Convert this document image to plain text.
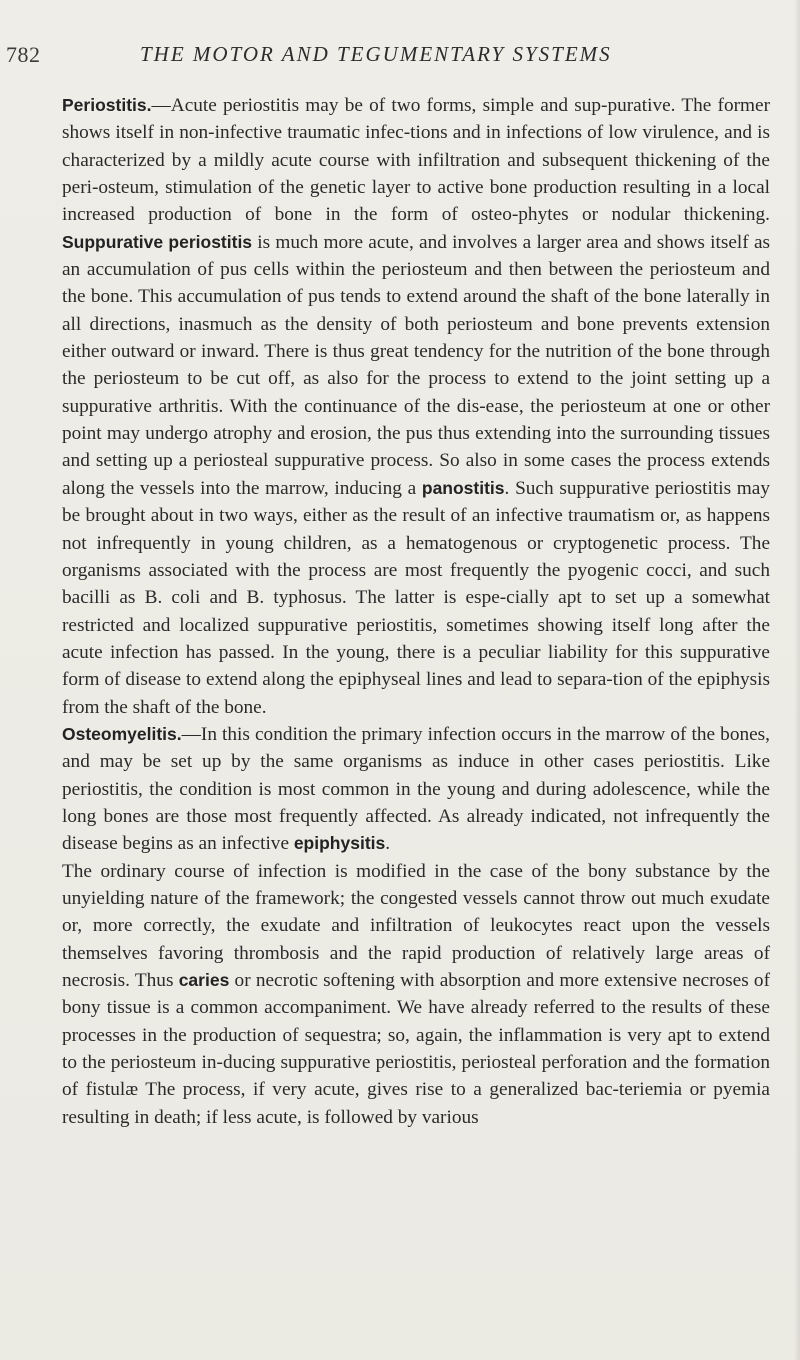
782	THE MOTOR AND TEGUMENTARY SYSTEMS

Periostitis.—Acute periostitis may be of two forms, simple and sup-purative. The former shows itself in non-infective traumatic infec-tions and in infections of low virulence, and is characterized by a mildly acute course with infiltration and subsequent thickening of the peri-osteum, stimulation of the genetic layer to active bone production resulting in a local increased production of bone in the form of osteo-phytes or nodular thickening. Suppurative periostitis is much more acute, and involves a larger area and shows itself as an accumulation of pus cells within the periosteum and then between the periosteum and the bone. This accumulation of pus tends to extend around the shaft of the bone laterally in all directions, inasmuch as the density of both periosteum and bone prevents extension either outward or inward. There is thus great tendency for the nutrition of the bone through the periosteum to be cut off, as also for the process to extend to the joint setting up a suppurative arthritis. With the continuance of the dis-ease, the periosteum at one or other point may undergo atrophy and erosion, the pus thus extending into the surrounding tissues and setting up a periosteal suppurative process. So also in some cases the process extends along the vessels into the marrow, inducing a panostitis. Such suppurative periostitis may be brought about in two ways, either as the result of an infective traumatism or, as happens not infrequently in young children, as a hematogenous or cryptogenetic process. The organisms associated with the process are most frequently the pyogenic cocci, and such bacilli as B. coli and B. typhosus. The latter is espe-cially apt to set up a somewhat restricted and localized suppurative periostitis, sometimes showing itself long after the acute infection has passed. In the young, there is a peculiar liability for this suppurative form of disease to extend along the epiphyseal lines and lead to separa-tion of the epiphysis from the shaft of the bone.

Osteomyelitis.—In this condition the primary infection occurs in the marrow of the bones, and may be set up by the same organisms as induce in other cases periostitis. Like periostitis, the condition is most common in the young and during adolescence, while the long bones are those most frequently affected. As already indicated, not infrequently the disease begins as an infective epiphysitis.

The ordinary course of infection is modified in the case of the bony substance by the unyielding nature of the framework; the congested vessels cannot throw out much exudate or, more correctly, the exudate and infiltration of leukocytes react upon the vessels themselves favoring thrombosis and the rapid production of relatively large areas of necrosis. Thus caries or necrotic softening with absorption and more extensive necroses of bony tissue is a common accompaniment. We have already referred to the results of these processes in the production of sequestra; so, again, the inflammation is very apt to extend to the periosteum in-ducing suppurative periostitis, periosteal perforation and the formation of fistulæ The process, if very acute, gives rise to a generalized bac-teriemia or pyemia resulting in death; if less acute, is followed by various
